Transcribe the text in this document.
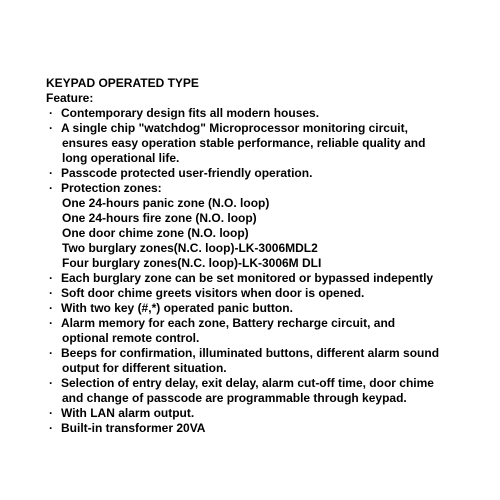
KEYPAD OPERATED TYPE
Feature:
· Contemporary design fits all modern houses.
· A single chip "watchdog" Microprocessor monitoring circuit,
ensures easy operation stable performance, reliable quality and
long operational life.
· Passcode protected user-friendly operation.
· Protection zones:
One 24-hours panic zone (N.O. loop)
One 24-hours fire zone (N.O. loop)
One door chime zone (N.O. loop)
Two burglary zones(N.C. loop)-LK-3006MDL2
Four burglary zones(N.C. loop)-LK-3006M DLI
· Each burglary zone can be set monitored or bypassed indepently
· Soft door chime greets visitors when door is opened.
· With two key (#,*) operated panic button.
· Alarm memory for each zone, Battery recharge circuit, and
optional remote control.
· Beeps for confirmation, illuminated buttons, different alarm sound
output for different situation.
· Selection of entry delay, exit delay, alarm cut-off time, door chime
and change of passcode are programmable through keypad.
· With LAN alarm output.
· Built-in transformer 20VA
